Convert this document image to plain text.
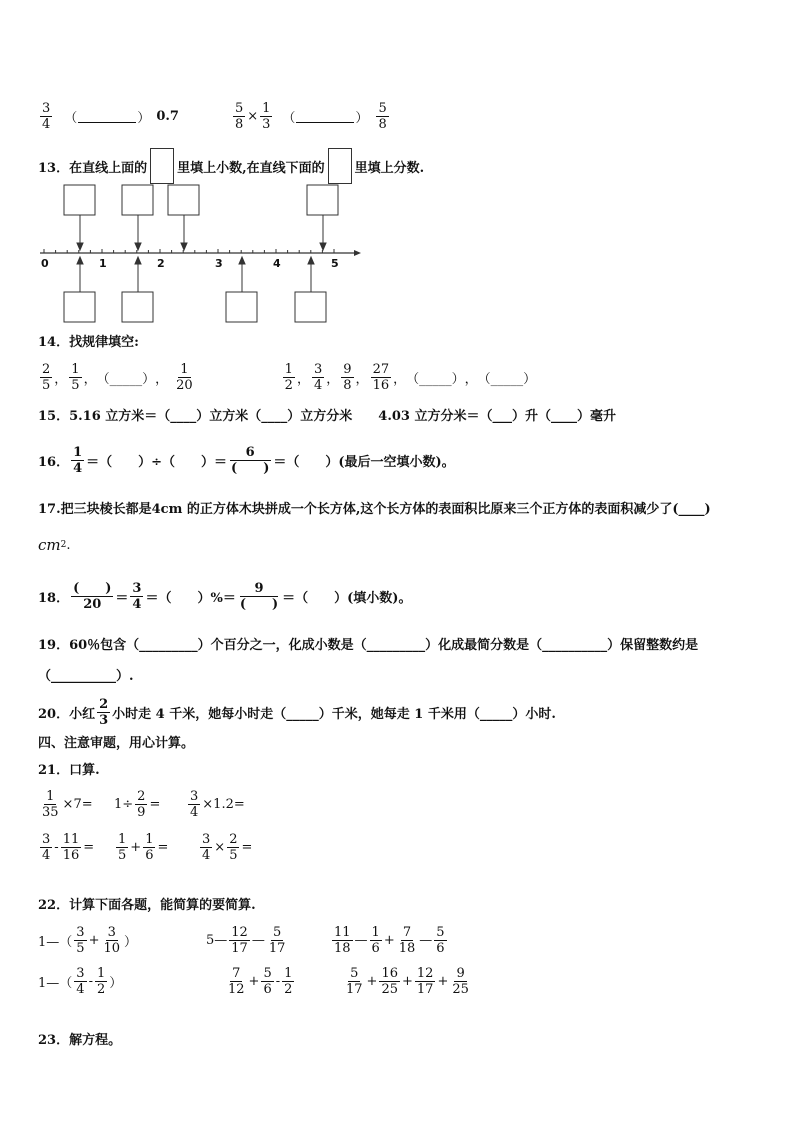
$\frac{3}{4}$ （	） 0.7	$\frac{5}{8} \times \frac{1}{3}$ （	） $\frac{5}{8}$
13． 在直线上面的 里填上小数,在直线下面的 里填上分数.
0	1	2	3	4	5
14． 找规律填空:
$\frac{2}{5}$ ， $\frac{1}{5}$ ， （_____） ， $\frac{1}{20}$	$\frac{1}{2}$ ， $\frac{3}{4}$ ， $\frac{9}{8}$ ， $\frac{27}{16}$ ， （_____） ， （_____）
15． 5.16 立方米＝（____）立方米（____）立方分米　　4.03 立方分米＝（___）升（____）毫升
16． $\frac{1}{4}$ ＝（　　）÷（　　）＝ $\frac{6}{( )}$ ＝（　　）(最后一空填小数)。
17.把三块棱长都是4cm 的正方体木块拼成一个长方体,这个长方体的表面积比原来三个正方体的表面积减少了(____)
cm 2 .
18． $\frac{( )}{20} = \frac{3}{4}$ ＝（　　）%＝ $\frac{9}{( )}$ ＝（　　）(填小数)。
19．60％包含（_________）个百分之一，化成小数是（_________）化成最简分数是（__________）保留整数约是
（__________）.
20． 小红 $\frac{2}{3}$ 小时走 4 千米，她每小时走（_____）千米，她每走 1 千米用（_____）小时.
四、注意审题，用心计算。
21．口算.
$\frac{1}{35} \times 7= 1\div \frac{2}{9} = \frac{3}{4} \times 1.2=$
$\frac{3}{4} - \frac{11}{16} = \frac{1}{5} + \frac{1}{6} = \frac{3}{4} \times \frac{2}{5}$ =
22．计算下面各题，能简算的要简算.
1—（ $\frac{3}{5} + \frac{3}{10}$ ）	5— $\frac{12}{17}$ — $\frac{5}{17}$	$\frac{11}{18}$ — $\frac{1}{6} + \frac{7}{18}$ — $\frac{5}{6}$
1—（ $\frac{3}{4} - \frac{1}{2}$ ）	$\frac{7}{12} + \frac{5}{6} - \frac{1}{2}$	$\frac{5}{17} + \frac{16}{25} + \frac{12}{17} + \frac{9}{25}$
23．解方程。
